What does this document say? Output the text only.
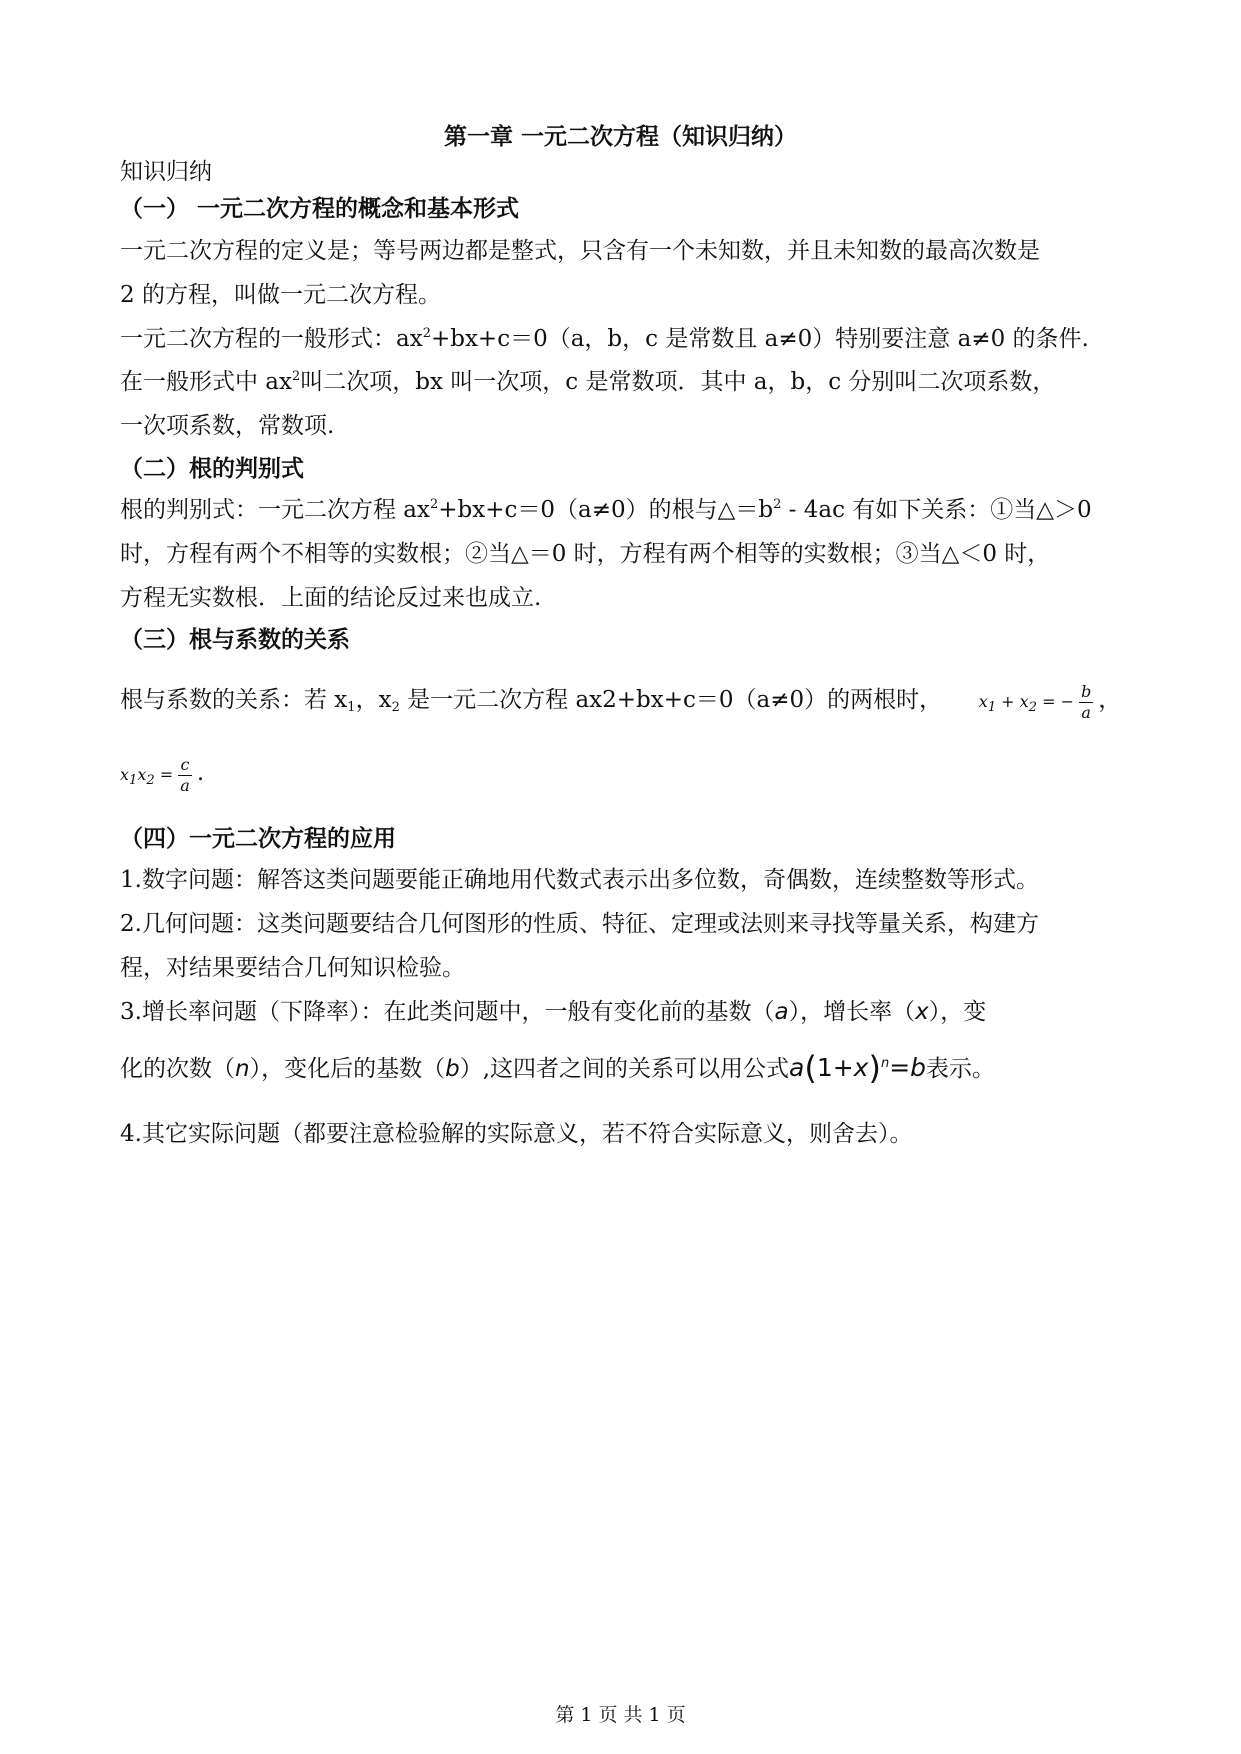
第一章 一元二次方程（知识归纳）
知识归纳
（一） 一元二次方程的概念和基本形式
一元二次方程的定义是；等号两边都是整式，只含有一个未知数，并且未知数的最高次数是
2 的方程，叫做一元二次方程。
一元二次方程的一般形式：$ax^2+bx+c=0(a$，b，c 是常数且 a≠0）特别要注意 a≠0 的条件.
在一般形式中 $ax^2$叫二次项，bx 叫一次项，c 是常数项．其中 a，b，c 分别叫二次项系数，
一次项系数，常数项.
（二）根的判别式
根的判别式：一元二次方程 $ax^2+bx+c=0(a\ne 0)$的根与$\triangle=b^2 - 4ac$ 有如下关系：①当△＞0
时，方程有两个不相等的实数根；②当△＝0 时，方程有两个相等的实数根；③当△＜0 时，
方程无实数根．上面的结论反过来也成立.
（三）根与系数的关系
根与系数的关系：若 $x_1$，$x_2$ 是一元二次方程 ax2+bx+c＝0（a≠0）的两根时， $x_1 + x_2$ = − $\frac{b}{a}$ ，
$x_1x_2 = \frac{c}{a}$ .
（四）一元二次方程的应用
1.数字问题：解答这类问题要能正确地用代数式表示出多位数，奇偶数，连续整数等形式。
2.几何问题：这类问题要结合几何图形的性质、特征、定理或法则来寻找等量关系，构建方
程，对结果要结合几何知识检验。
3.增长率问题（下降率）：在此类问题中，一般有变化前的基数（a），增长率（x），变
化的次数（n），变化后的基数（b）,这四者之间的关系可以用公式$a(1+x)^n=b$表示。
4.其它实际问题（都要注意检验解的实际意义，若不符合实际意义，则舍去）。
第 1 页 共 1 页
